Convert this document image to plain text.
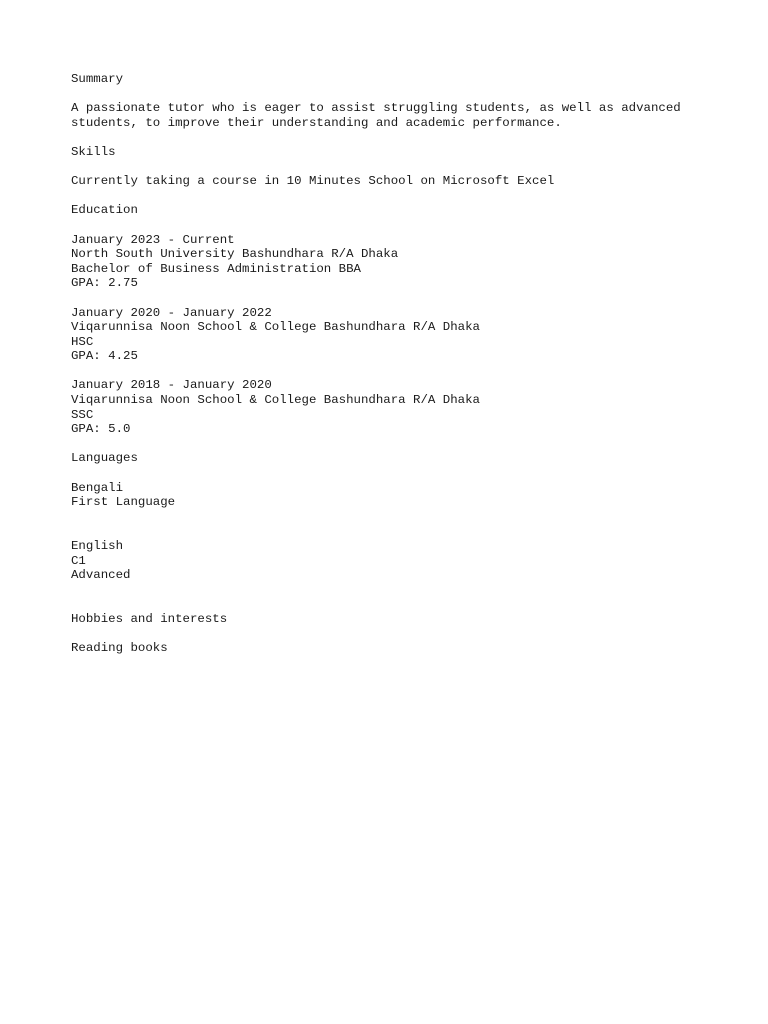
Summary
A passionate tutor who is eager to assist struggling students, as well as advanced students, to improve their understanding and academic performance.
Skills
Currently taking a course in 10 Minutes School on Microsoft Excel
Education
January 2023 - Current
North South University Bashundhara R/A Dhaka
Bachelor of Business Administration BBA
GPA: 2.75
January 2020 - January 2022
Viqarunnisa Noon School & College Bashundhara R/A Dhaka
HSC
GPA: 4.25
January 2018 - January 2020
Viqarunnisa Noon School & College Bashundhara R/A Dhaka
SSC
GPA: 5.0
Languages
Bengali
First Language
English
C1
Advanced
Hobbies and interests
Reading books
